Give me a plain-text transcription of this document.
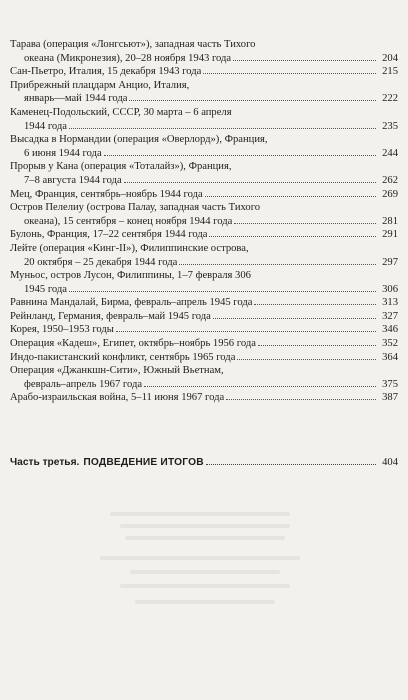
Тарава (операция «Лонгсьют»), западная часть Тихого
океана (Микронезия), 20–28 ноября 1943 года	204
Сан-Пьетро, Италия, 15 декабря 1943 года	215
Прибрежный плацдарм Анцио, Италия,
январь—май 1944 года	222
Каменец-Подольский, СССР, 30 марта – 6 апреля
1944 года	235
Высадка в Нормандии (операция «Оверлорд»), Франция,
6 июня 1944 года	244
Прорыв у Кана (операция «Тоталайз»), Франция,
7–8 августа 1944 года	262
Мец, Франция, сентябрь–ноябрь 1944 года	269
Остров Пелелиу (острова Палау, западная часть Тихого
океана), 15 сентября – конец ноября 1944 года	281
Булонь, Франция, 17–22 сентября 1944 года	291
Лейте (операция «Кинг-II»), Филиппинские острова,
20 октября – 25 декабря 1944 года	297
Муньос, остров Лусон, Филиппины, 1–7 февраля 306
1945 года	306
Равнина Мандалай, Бирма, февраль–апрель 1945 года	313
Рейнланд, Германия, февраль–май 1945 года	327
Корея, 1950–1953 годы	346
Операция «Кадеш», Египет, октябрь–ноябрь 1956 года	352
Индо-пакистанский конфликт, сентябрь 1965 года	364
Операция «Джанкшн-Сити», Южный Вьетнам,
февраль–апрель 1967 года	375
Арабо-израильская война, 5–11 июня 1967 года	387
Часть третья. ПОДВЕДЕНИЕ ИТОГОВ	404
